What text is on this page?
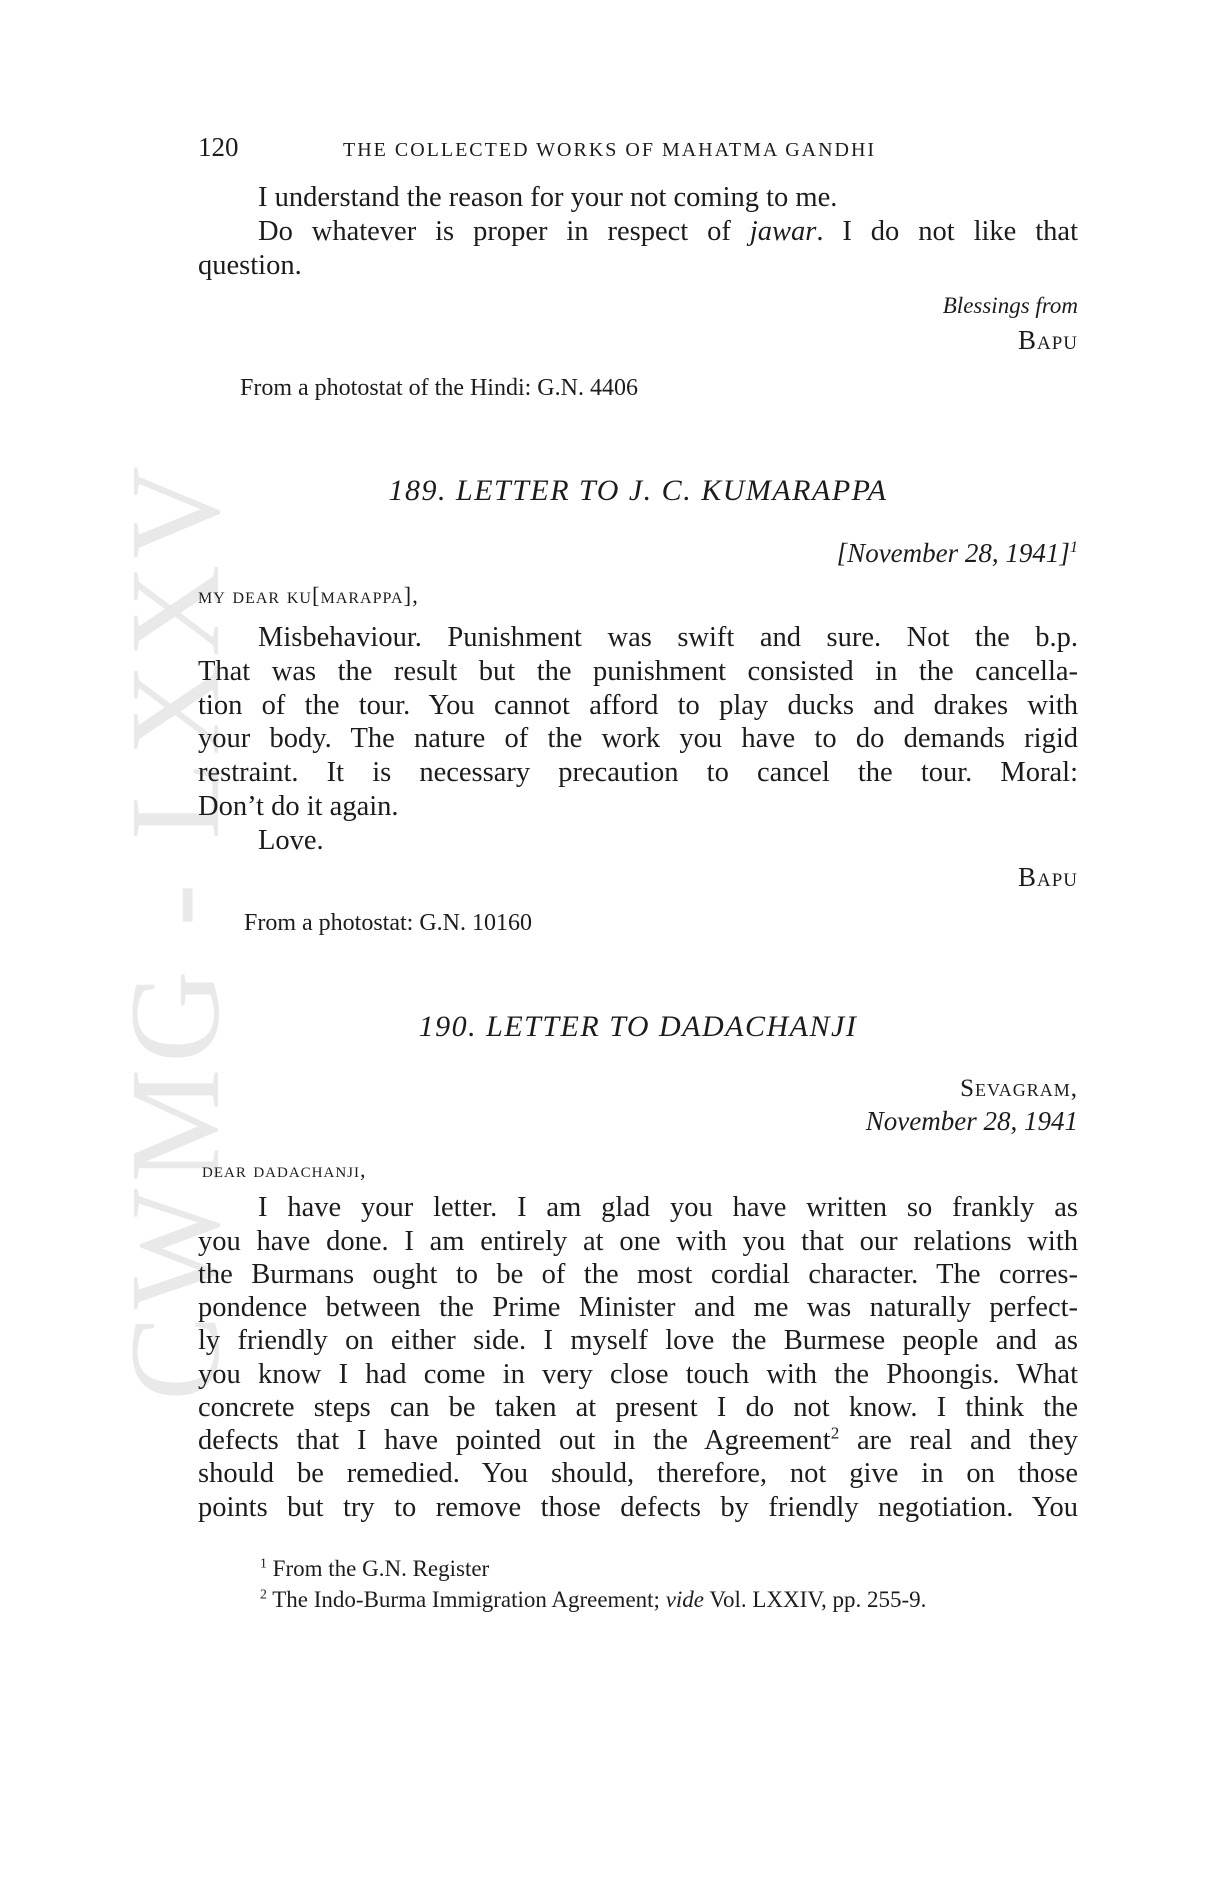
CWMG - LXXV
120	THE COLLECTED WORKS OF MAHATMA GANDHI
I understand the reason for your not coming to me.
Do whatever is proper in respect of jawar. I do not like that
question.
Blessings from
Bapu
From a photostat of the Hindi: G.N. 4406
189. LETTER TO J. C. KUMARAPPA
[November 28, 1941]$^1$
my dear ku[marappa],
Misbehaviour. Punishment was swift and sure. Not the b.p.
That was the result but the punishment consisted in the cancella-
tion of the tour. You cannot afford to play ducks and drakes with
your body. The nature of the work you have to do demands rigid
restraint. It is necessary precaution to cancel the tour. Moral:
Don’t do it again.
Love.
Bapu
From a photostat: G.N. 10160
190. LETTER TO DADACHANJI
Sevagram,
November 28, 1941
dear dadachanji,
I have your letter. I am glad you have written so frankly as
you have done. I am entirely at one with you that our relations with
the Burmans ought to be of the most cordial character. The corres-
pondence between the Prime Minister and me was naturally perfect-
ly friendly on either side. I myself love the Burmese people and as
you know I had come in very close touch with the Phoongis. What
concrete steps can be taken at present I do not know. I think the
defects that I have pointed out in the Agreement$^2$ are real and they
should be remedied. You should, therefore, not give in on those
points but try to remove those defects by friendly negotiation. You
$^1$ From the G.N. Register
$^2$ The Indo-Burma Immigration Agreement; vide Vol. LXXIV, pp. 255-9.
